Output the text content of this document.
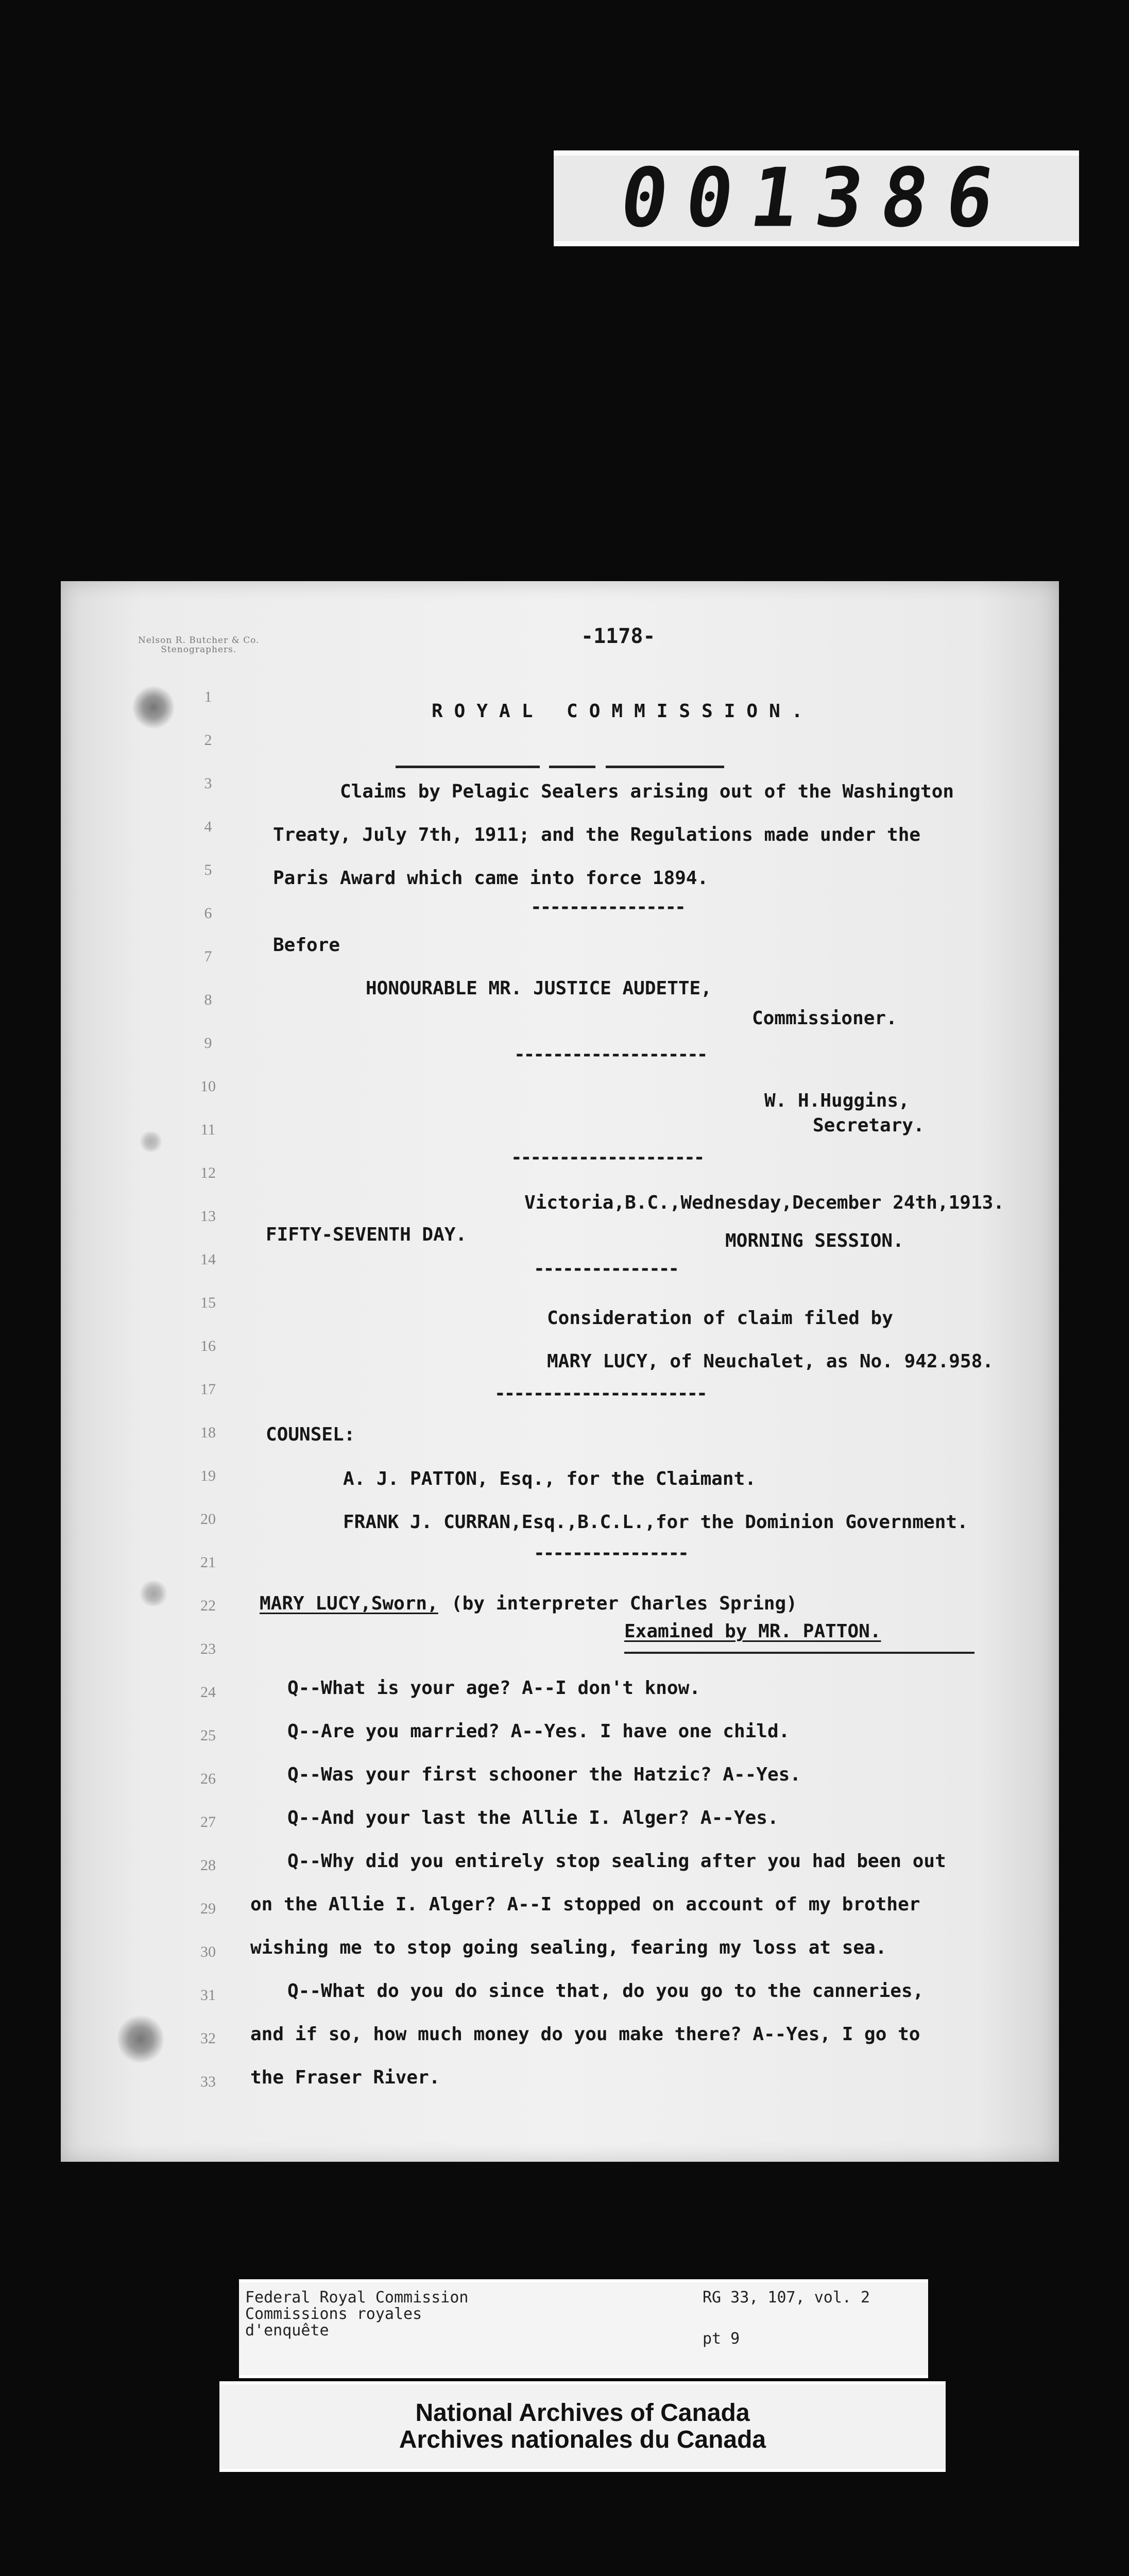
001386
Nelson R. Butcher & Co.
Stenographers.
-1178-
1
2
3
4
5
6
7
8
9
10
11
12
13
14
15
16
17
18
19
20
21
22
23
24
25
26
27
28
29
30
31
32
33
ROYAL COMMISSION.
Claims by Pelagic Sealers arising out of the Washington
Treaty, July 7th, 1911; and the Regulations made under the
Paris Award which came into force 1894.
----------------
Before
HONOURABLE MR. JUSTICE AUDETTE,
Commissioner.
--------------------
W. H.Huggins,
Secretary.
--------------------
Victoria,B.C.,Wednesday,December 24th,1913.
FIFTY-SEVENTH DAY.	MORNING SESSION.
---------------
Consideration of claim filed by
MARY LUCY, of Neuchalet, as No. 942.958.
----------------------
COUNSEL:
A. J. PATTON, Esq., for the Claimant.
FRANK J. CURRAN,Esq.,B.C.L.,for the Dominion Government.
----------------
MARY LUCY,Sworn, (by interpreter Charles Spring)
Examined by MR. PATTON.
Q--What is your age? A--I don't know.
Q--Are you married? A--Yes. I have one child.
Q--Was your first schooner the Hatzic? A--Yes.
Q--And your last the Allie I. Alger? A--Yes.
Q--Why did you entirely stop sealing after you had been out
on the Allie I. Alger? A--I stopped on account of my brother
wishing me to stop going sealing, fearing my loss at sea.
Q--What do you do since that, do you go to the canneries,
and if so, how much money do you make there? A--Yes, I go to
the Fraser River.
Federal Royal Commission
Commissions royales
d'enquête
RG 33, 107, vol. 2
pt 9
National Archives of Canada
Archives nationales du Canada
